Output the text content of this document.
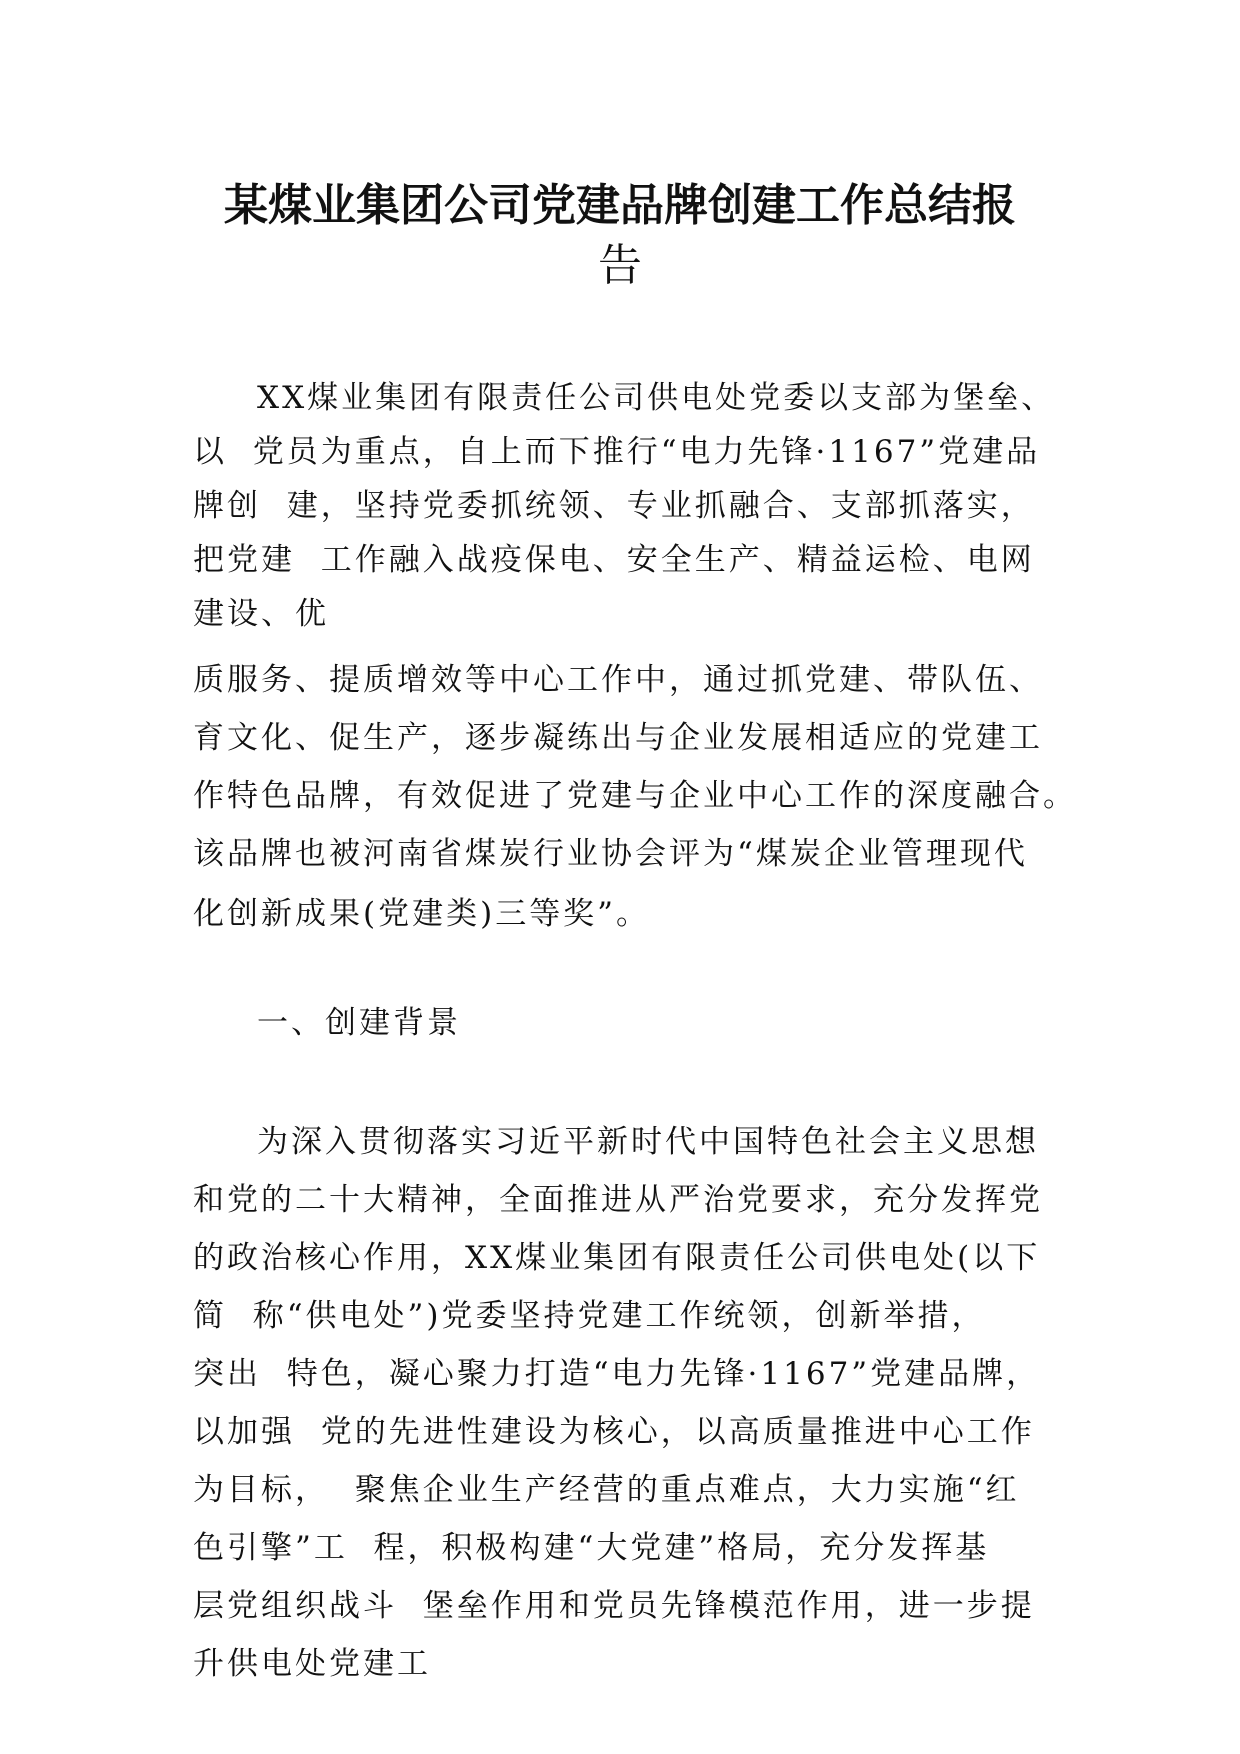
某煤业集团公司党建品牌创建工作总结报
告

XX煤业集团有限责任公司供电处党委以支部为堡垒、

以  党员为重点，自上而下推行“电力先锋·1167”党建品

牌创  建，坚持党委抓统领、专业抓融合、支部抓落实，

把党建  工作融入战疫保电、安全生产、精益运检、电网

建设、优

质服务、提质增效等中心工作中，通过抓党建、带队伍、

育文化、促生产，逐步凝练出与企业发展相适应的党建工

作特色品牌，有效促进了党建与企业中心工作的深度融合。

该品牌也被河南省煤炭行业协会评为“煤炭企业管理现代

化创新成果(党建类)三等奖”。

一、创建背景

为深入贯彻落实习近平新时代中国特色社会主义思想

和党的二十大精神，全面推进从严治党要求，充分发挥党

的政治核心作用，XX煤业集团有限责任公司供电处(以下

简  称“供电处”)党委坚持党建工作统领，创新举措，

突出  特色，凝心聚力打造“电力先锋·1167”党建品牌，

以加强  党的先进性建设为核心，以高质量推进中心工作

为目标，  聚焦企业生产经营的重点难点，大力实施“红

色引擎”工  程，积极构建“大党建”格局，充分发挥基

层党组织战斗  堡垒作用和党员先锋模范作用，进一步提

升供电处党建工
